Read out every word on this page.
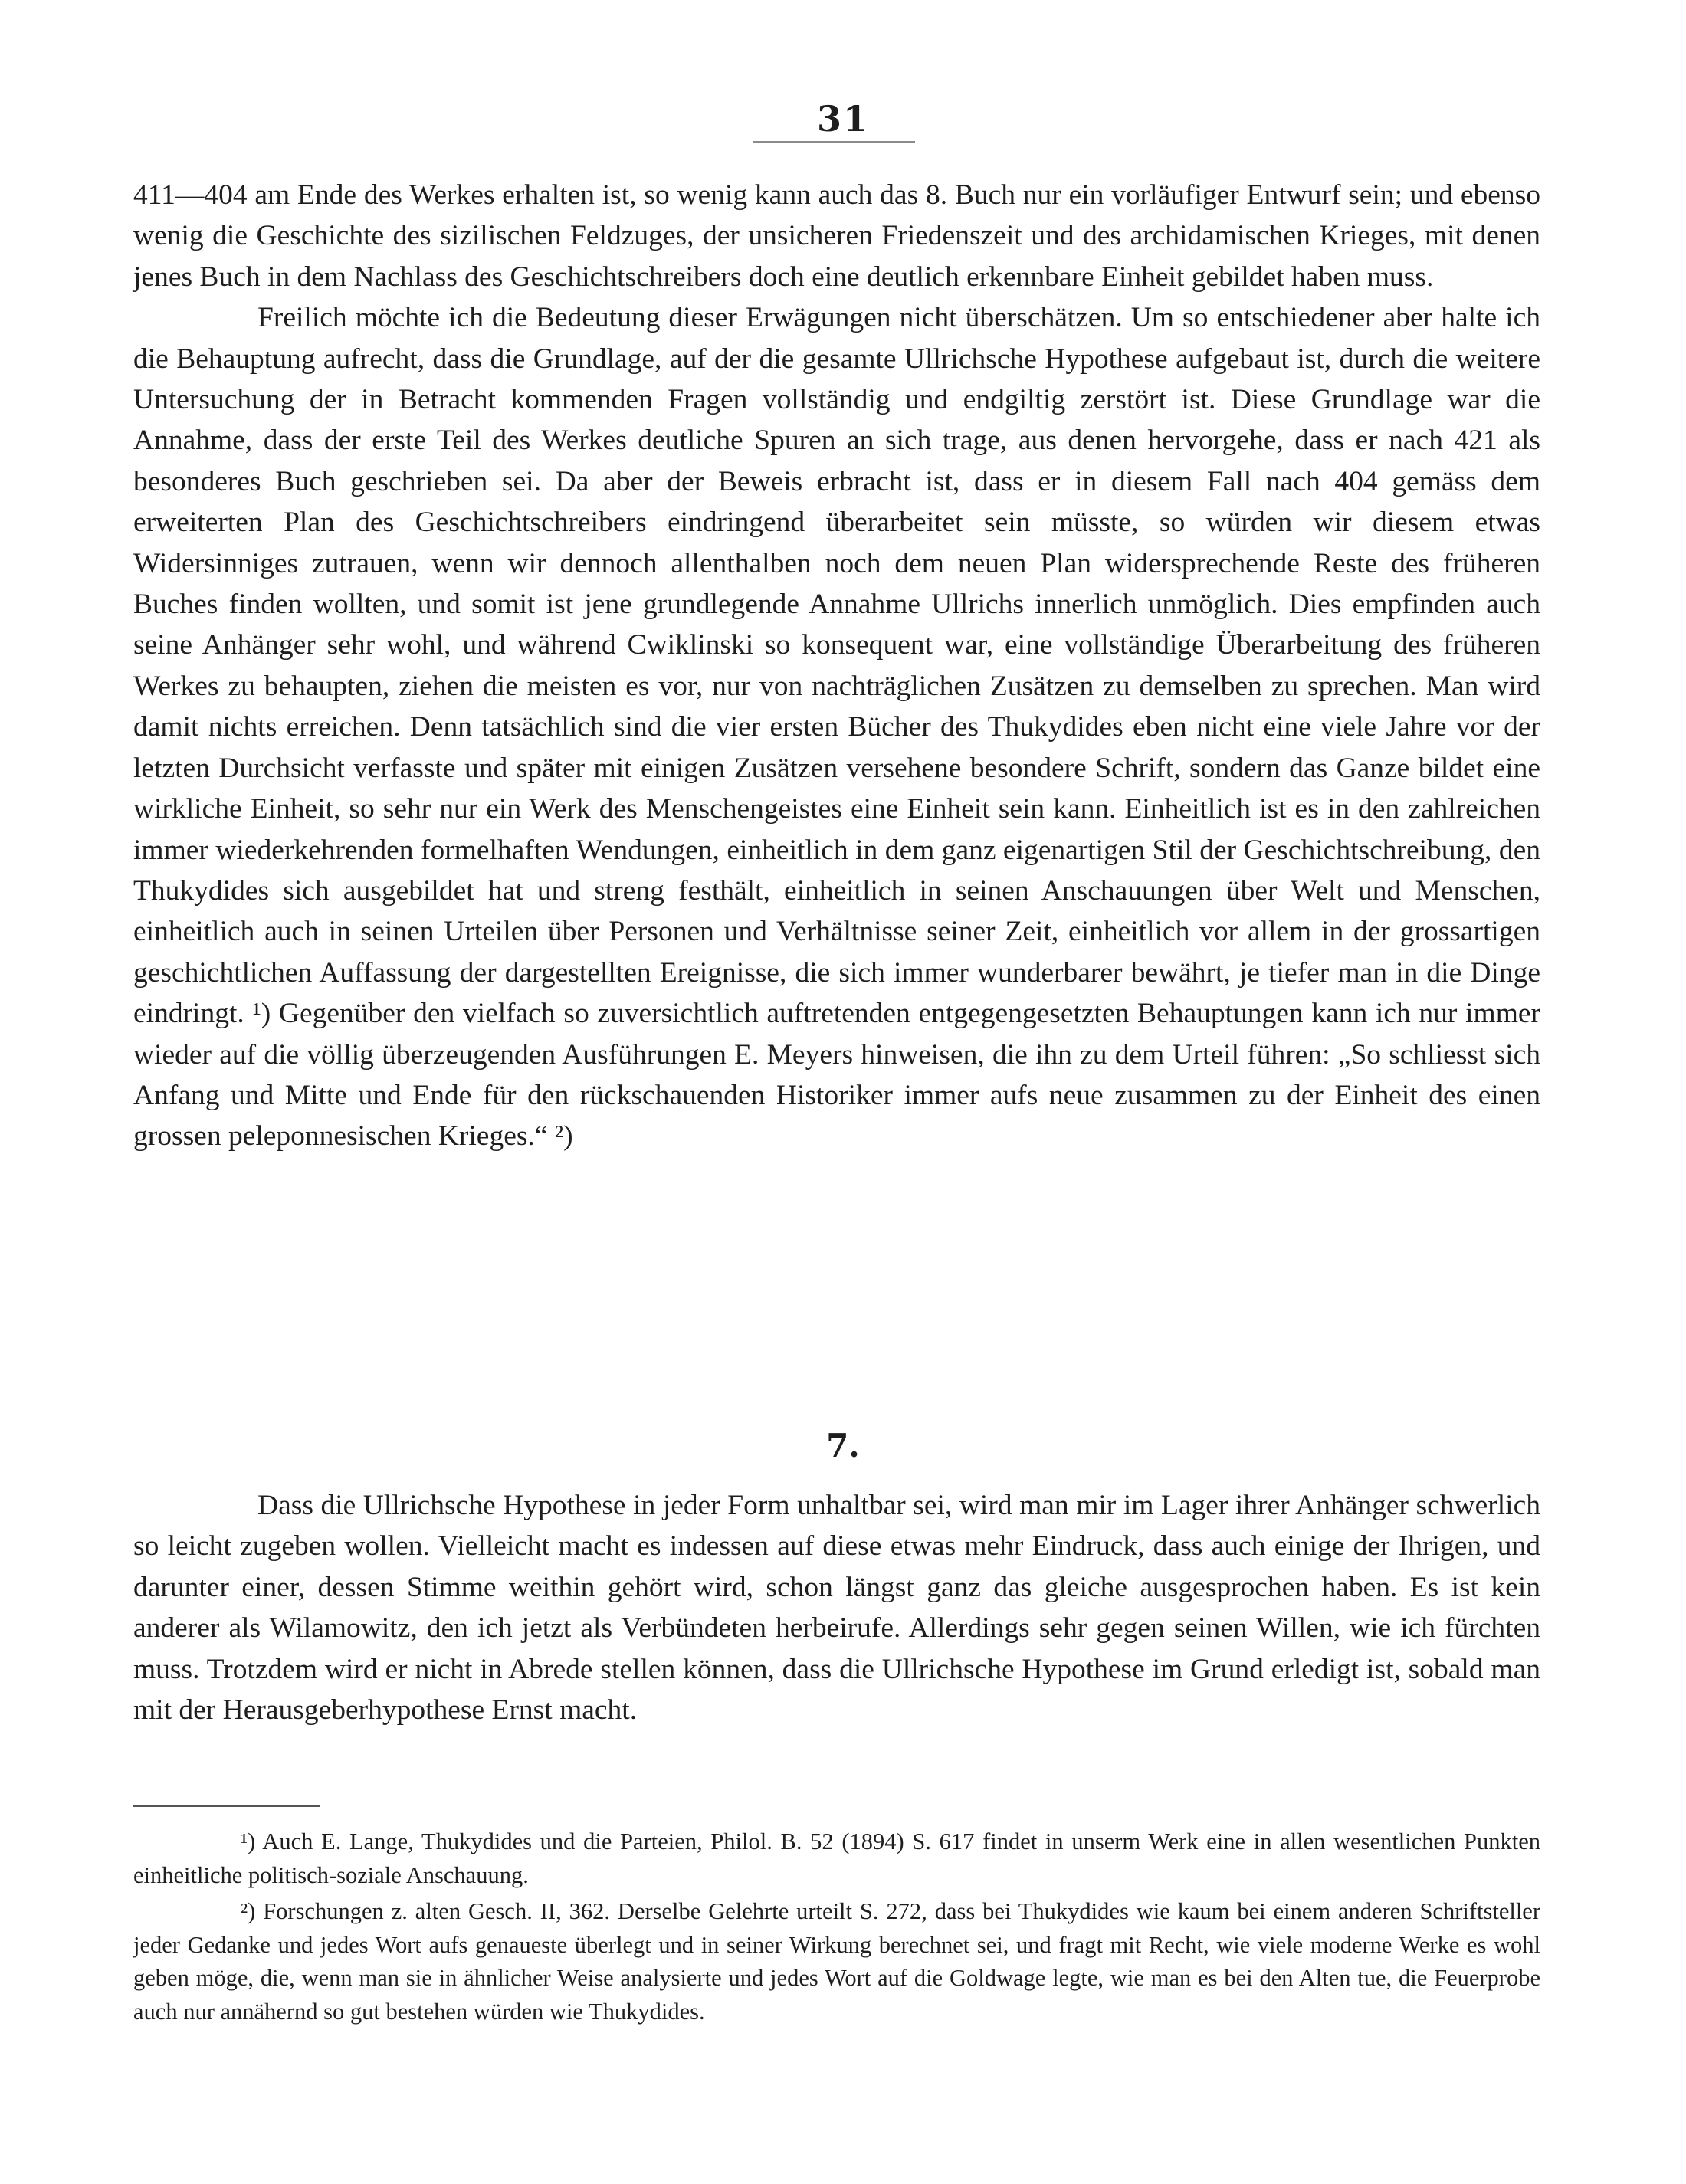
31

411—404 am Ende des Werkes erhalten ist, so wenig kann auch das 8. Buch nur ein vorläufiger Entwurf sein; und ebenso wenig die Geschichte des sizilischen Feldzuges, der unsicheren Friedenszeit und des archidamischen Krieges, mit denen jenes Buch in dem Nachlass des Geschichtschreibers doch eine deutlich erkennbare Einheit gebildet haben muss.

Freilich möchte ich die Bedeutung dieser Erwägungen nicht überschätzen. Um so entschiedener aber halte ich die Behauptung aufrecht, dass die Grundlage, auf der die gesamte Ullrichsche Hypothese aufgebaut ist, durch die weitere Untersuchung der in Betracht kommenden Fragen vollständig und endgiltig zerstört ist. Diese Grundlage war die Annahme, dass der erste Teil des Werkes deutliche Spuren an sich trage, aus denen hervorgehe, dass er nach 421 als besonderes Buch geschrieben sei. Da aber der Beweis erbracht ist, dass er in diesem Fall nach 404 gemäss dem erweiterten Plan des Geschichtschreibers eindringend überarbeitet sein müsste, so würden wir diesem etwas Widersinniges zutrauen, wenn wir dennoch allenthalben noch dem neuen Plan widersprechende Reste des früheren Buches finden wollten, und somit ist jene grundlegende Annahme Ullrichs innerlich unmöglich. Dies empfinden auch seine Anhänger sehr wohl, und während Cwiklinski so konsequent war, eine vollständige Überarbeitung des früheren Werkes zu behaupten, ziehen die meisten es vor, nur von nachträglichen Zusätzen zu demselben zu sprechen. Man wird damit nichts erreichen. Denn tatsächlich sind die vier ersten Bücher des Thukydides eben nicht eine viele Jahre vor der letzten Durchsicht verfasste und später mit einigen Zusätzen versehene besondere Schrift, sondern das Ganze bildet eine wirkliche Einheit, so sehr nur ein Werk des Menschengeistes eine Einheit sein kann. Einheitlich ist es in den zahlreichen immer wiederkehrenden formelhaften Wendungen, einheitlich in dem ganz eigenartigen Stil der Geschichtschreibung, den Thukydides sich ausgebildet hat und streng festhält, einheitlich in seinen Anschauungen über Welt und Menschen, einheitlich auch in seinen Urteilen über Personen und Verhältnisse seiner Zeit, einheitlich vor allem in der grossartigen geschichtlichen Auffassung der dargestellten Ereignisse, die sich immer wunderbarer bewährt, je tiefer man in die Dinge eindringt. ¹) Gegenüber den vielfach so zuversichtlich auftretenden entgegengesetzten Behauptungen kann ich nur immer wieder auf die völlig überzeugenden Ausführungen E. Meyers hinweisen, die ihn zu dem Urteil führen: „So schliesst sich Anfang und Mitte und Ende für den rückschauenden Historiker immer aufs neue zusammen zu der Einheit des einen grossen peleponnesischen Krieges.“ ²)

7.

Dass die Ullrichsche Hypothese in jeder Form unhaltbar sei, wird man mir im Lager ihrer Anhänger schwerlich so leicht zugeben wollen. Vielleicht macht es indessen auf diese etwas mehr Eindruck, dass auch einige der Ihrigen, und darunter einer, dessen Stimme weithin gehört wird, schon längst ganz das gleiche ausgesprochen haben. Es ist kein anderer als Wilamowitz, den ich jetzt als Verbündeten herbeirufe. Allerdings sehr gegen seinen Willen, wie ich fürchten muss. Trotzdem wird er nicht in Abrede stellen können, dass die Ullrichsche Hypothese im Grund erledigt ist, sobald man mit der Herausgeberhypothese Ernst macht.

¹) Auch E. Lange, Thukydides und die Parteien, Philol. B. 52 (1894) S. 617 findet in unserm Werk eine in allen wesentlichen Punkten einheitliche politisch-soziale Anschauung.

²) Forschungen z. alten Gesch. II, 362. Derselbe Gelehrte urteilt S. 272, dass bei Thukydides wie kaum bei einem anderen Schriftsteller jeder Gedanke und jedes Wort aufs genaueste überlegt und in seiner Wirkung berechnet sei, und fragt mit Recht, wie viele moderne Werke es wohl geben möge, die, wenn man sie in ähnlicher Weise analysierte und jedes Wort auf die Goldwage legte, wie man es bei den Alten tue, die Feuerprobe auch nur annähernd so gut bestehen würden wie Thukydides.
